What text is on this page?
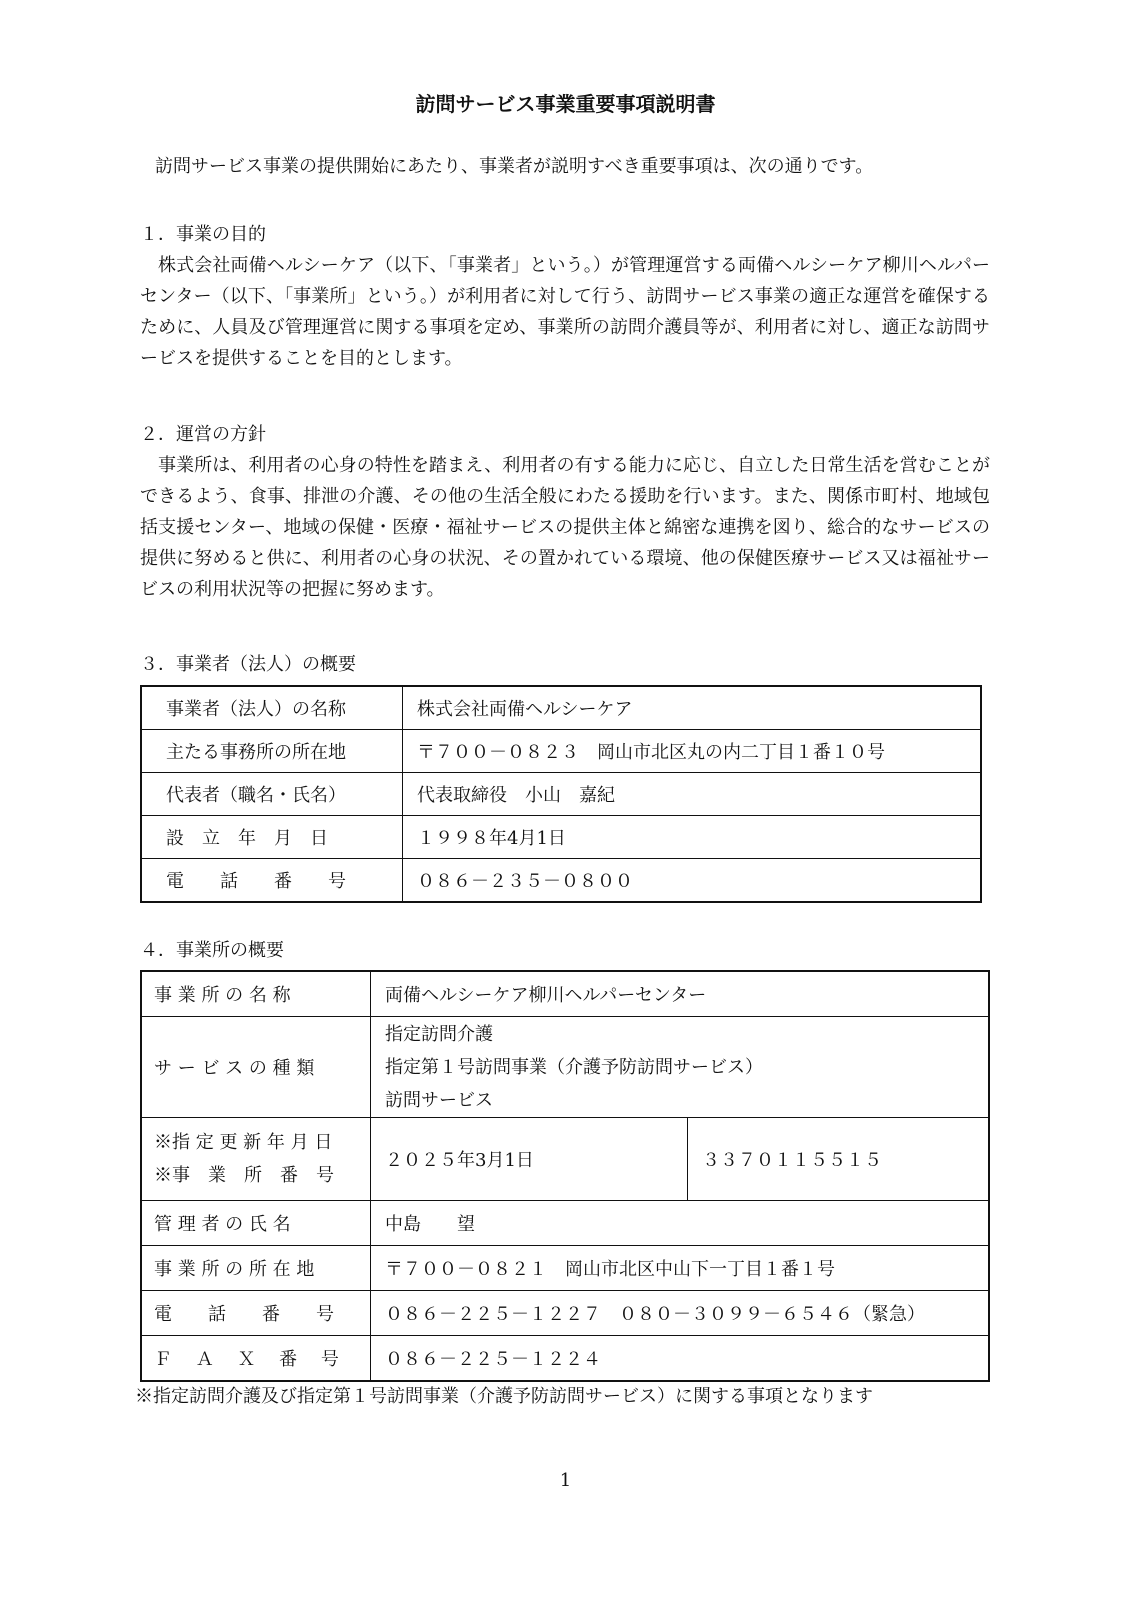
訪問サービス事業重要事項説明書
訪問サービス事業の提供開始にあたり、事業者が説明すべき重要事項は、次の通りです。

１．事業の目的

株式会社両備ヘルシーケア（以下、「事業者」という。）が管理運営する両備ヘルシーケア柳川ヘルパーセンター（以下、「事業所」という。）が利用者に対して行う、訪問サービス事業の適正な運営を確保するために、人員及び管理運営に関する事項を定め、事業所の訪問介護員等が、利用者に対し、適正な訪問サービスを提供することを目的とします。

２．運営の方針

事業所は、利用者の心身の特性を踏まえ、利用者の有する能力に応じ、自立した日常生活を営むことができるよう、食事、排泄の介護、その他の生活全般にわたる援助を行います。また、関係市町村、地域包括支援センター、地域の保健・医療・福祉サービスの提供主体と綿密な連携を図り、総合的なサービスの提供に努めると供に、利用者の心身の状況、その置かれている環境、他の保健医療サービス又は福祉サービスの利用状況等の把握に努めます。

３．事業者（法人）の概要

事業者（法人）の名称	株式会社両備ヘルシーケア
主たる事務所の所在地	〒７００－０８２３　岡山市北区丸の内二丁目１番１０号
代表者（職名・氏名）	代表取締役　小山　嘉紀
設　立　年　月　日	１９９８年4月1日
電　　話　　番　　号	０８６－２３５－０８００

４．事業所の概要

事 業 所 の 名 称	両備ヘルシーケア柳川ヘルパーセンター	
サ ー ビ ス の 種 類	指定訪問介護
指定第１号訪問事業（介護予防訪問サービス）
訪問サービス	

※指 定 更 新 年 月 日
※事　業　所　番　号	２０２５年3月1日	３３７０１１５５１５
管 理 者 の 氏 名	中島　　望	
事 業 所 の 所 在 地	〒７００－０８２１　岡山市北区中山下一丁目１番１号	
電　　話　　番　　号	０８６－２２５－１２２７　０８０－３０９９－６５４６（緊急）	
Ｆ　 Ａ　 Ｘ　 番　 号	０８６－２２５－１２２４	
※指定訪問介護及び指定第１号訪問事業（介護予防訪問サービス）に関する事項となります
1
